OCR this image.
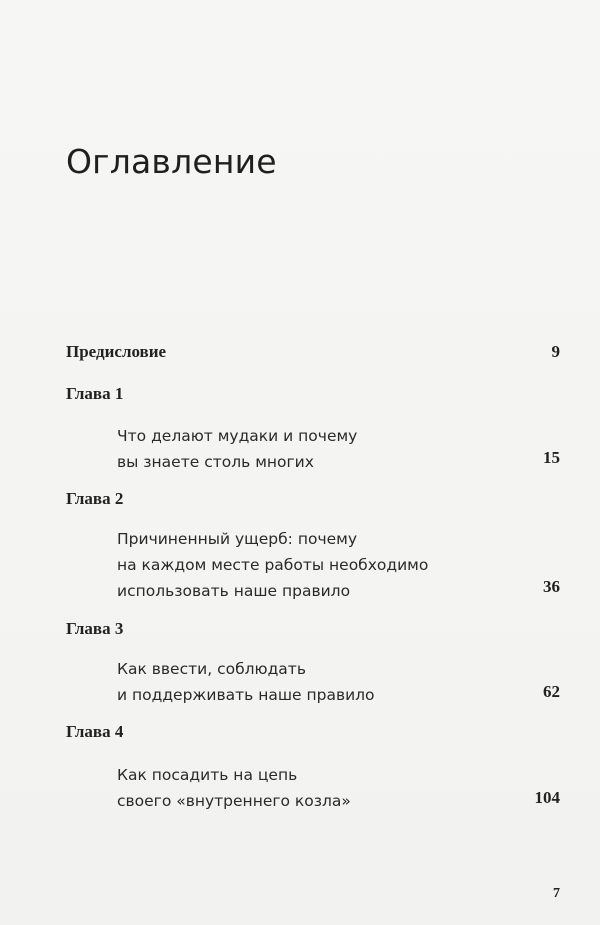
Оглавление
Предисловие	9
Глава 1
Что делают мудаки и почему
вы знаете столь многих	15
Глава 2
Причиненный ущерб: почему
на каждом месте работы необходимо
использовать наше правило	36
Глава 3
Как ввести, соблюдать
и поддерживать наше правило	62
Глава 4
Как посадить на цепь
своего «внутреннего козла»	104
7
